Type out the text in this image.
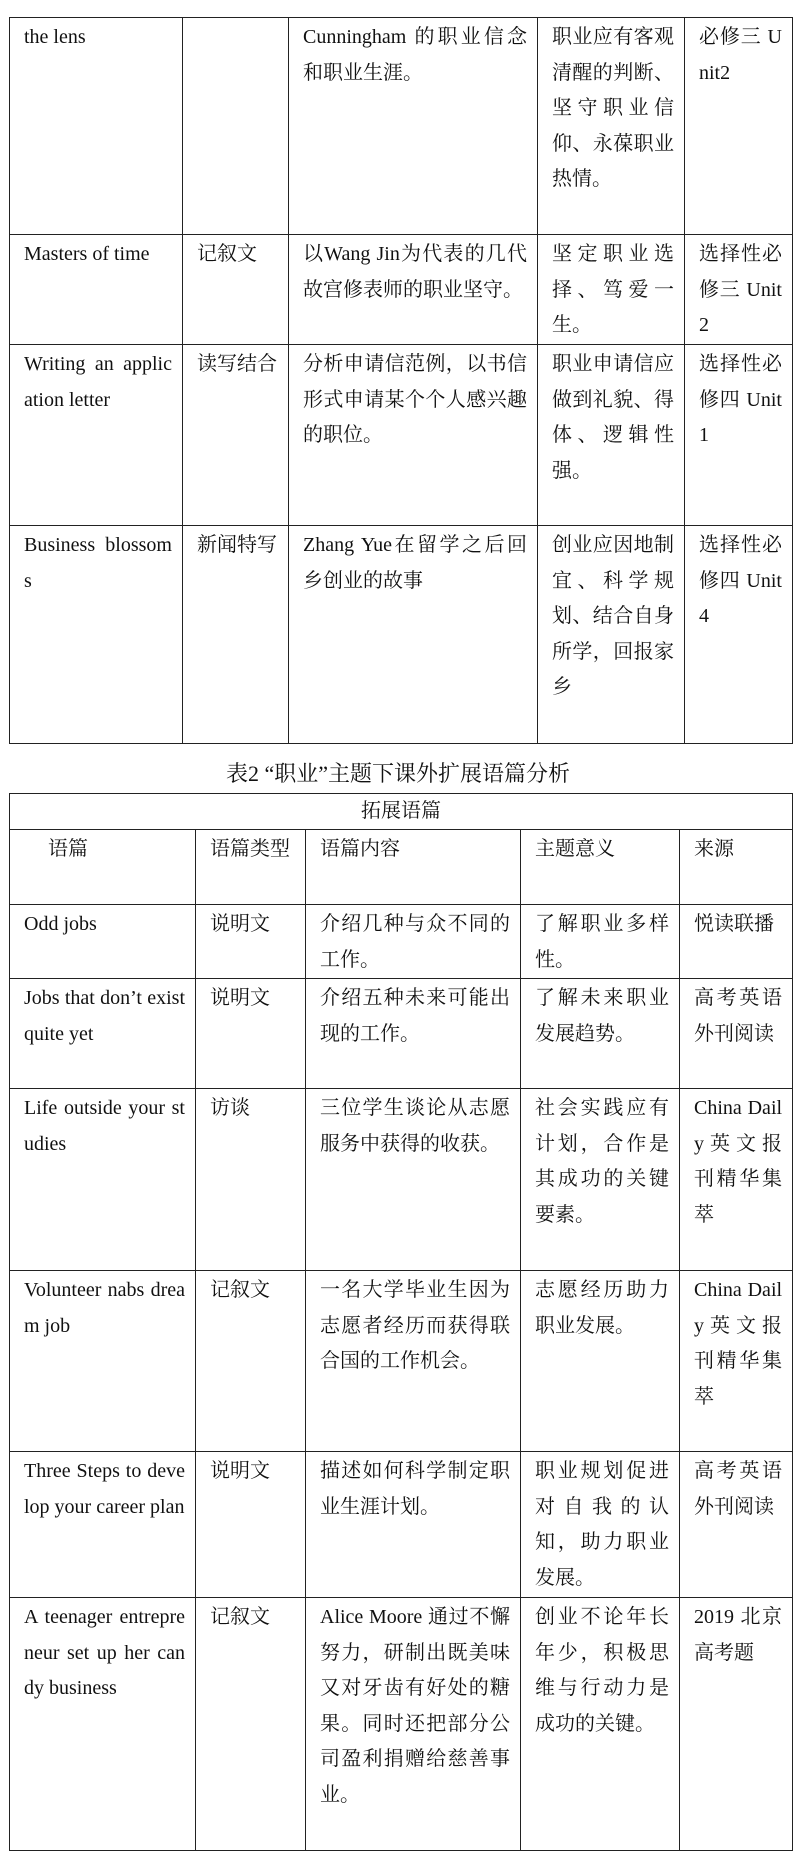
the lens		Cunningham 的职业信念和职业生涯。	职业应有客观清醒的判断、坚守职业信仰、永葆职业热情。	必修三 Unit2
Masters of time	记叙文	以Wang Jin为代表的几代故宫修表师的职业坚守。	坚定职业选择、笃爱一生。	选择性必修三 Unit2
Writing an application letter	读写结合	分析申请信范例，以书信形式申请某个个人感兴趣的职位。	职业申请信应做到礼貌、得体、逻辑性强。	选择性必修四 Unit 1
Business blossoms	新闻特写	Zhang Yue在留学之后回乡创业的故事	创业应因地制宜、科学规划、结合自身所学，回报家乡	选择性必修四 Unit 4
表2 “职业”主题下课外扩展语篇分析
拓展语篇				
语篇	语篇类型	语篇内容	主题意义	来源
Odd jobs	说明文	介绍几种与众不同的工作。	了解职业多样性。	悦读联播
Jobs that don’t exist quite yet	说明文	介绍五种未来可能出现的工作。	了解未来职业发展趋势。	高考英语外刊阅读
Life outside your studies	访谈	三位学生谈论从志愿服务中获得的收获。	社会实践应有计划，合作是其成功的关键要素。	China Daily英文报刊精华集萃
Volunteer nabs dream job	记叙文	一名大学毕业生因为志愿者经历而获得联合国的工作机会。	志愿经历助力职业发展。	China Daily英文报刊精华集萃
Three Steps to develop your career plan	说明文	描述如何科学制定职业生涯计划。	职业规划促进对自我的认知，助力职业发展。	高考英语外刊阅读
A teenager entrepreneur set up her candy business	记叙文	Alice Moore 通过不懈努力，研制出既美味又对牙齿有好处的糖果。同时还把部分公司盈利捐赠给慈善事业。	创业不论年长年少，积极思维与行动力是成功的关键。	2019 北京高考题
